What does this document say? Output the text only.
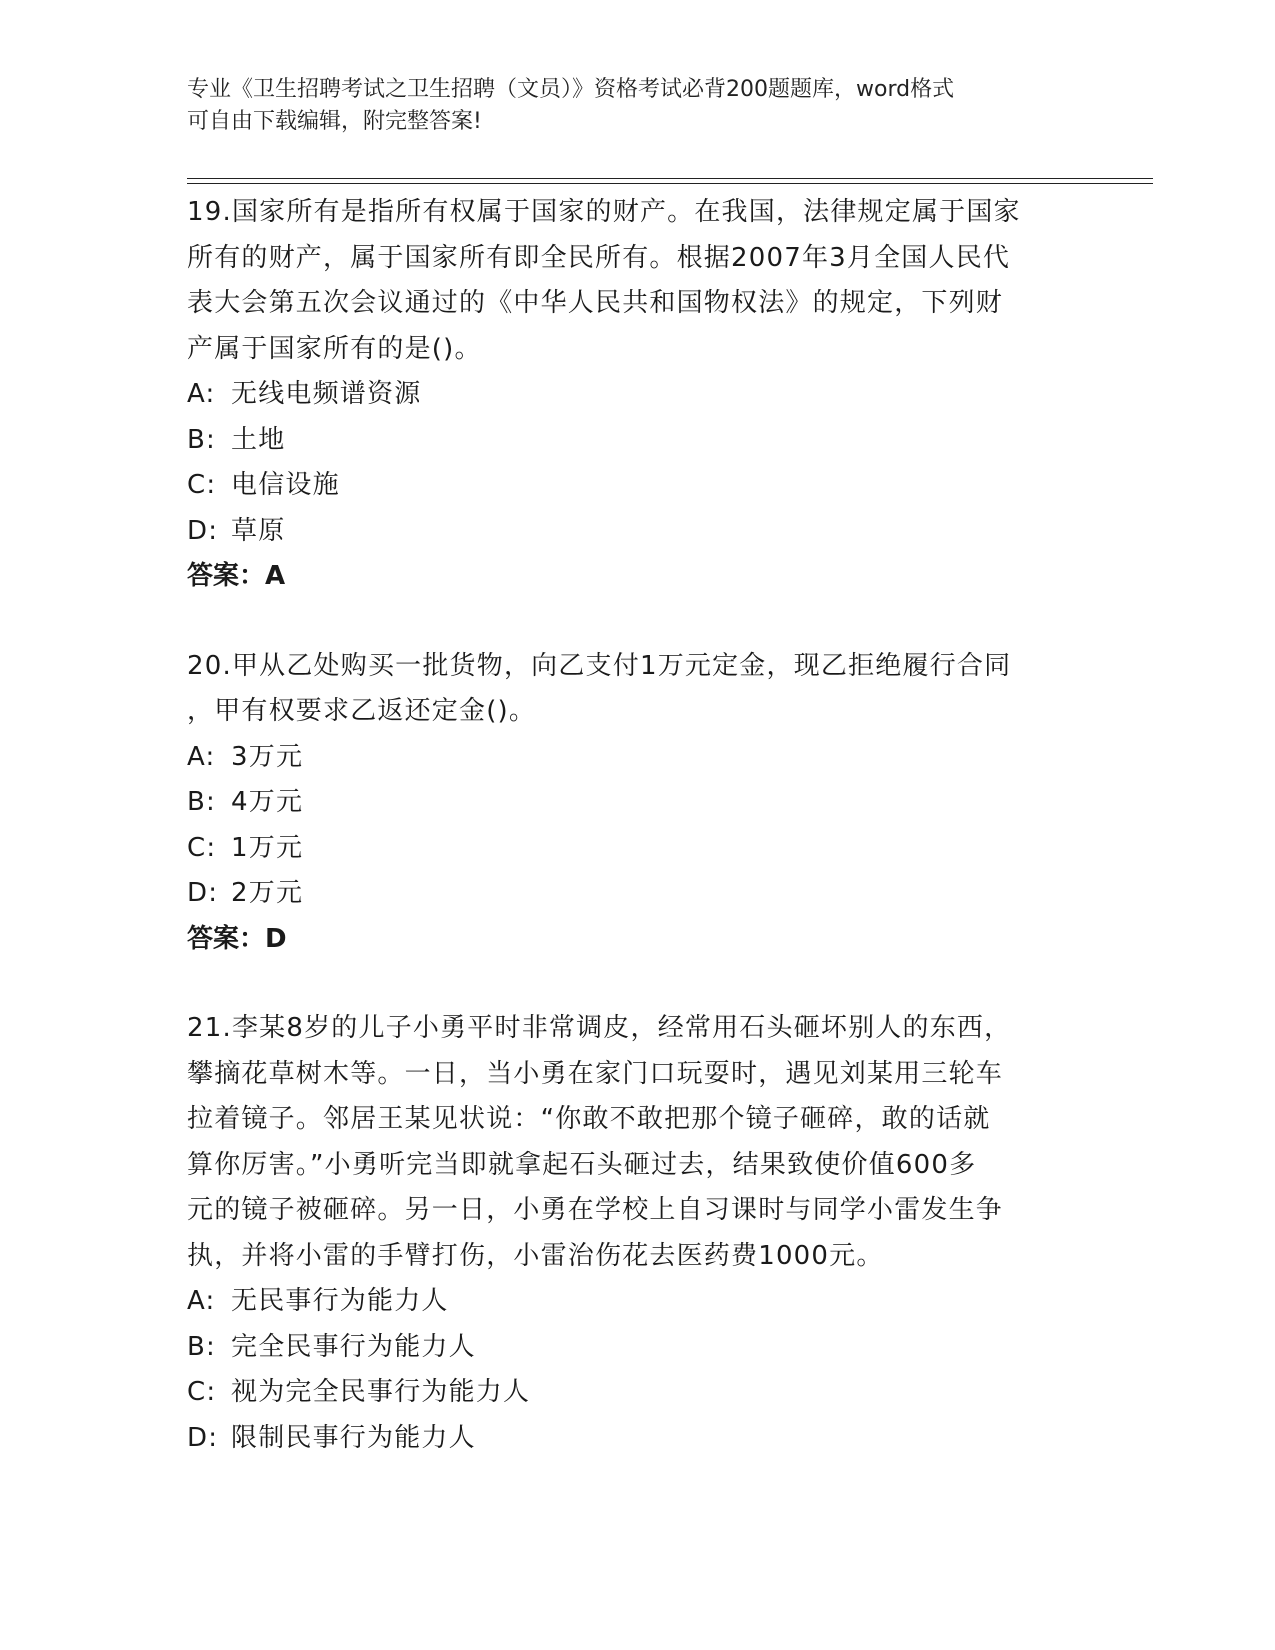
专业《卫生招聘考试之卫生招聘（文员）》资格考试必背200题题库，word格式
可自由下载编辑，附完整答案!
19.国家所有是指所有权属于国家的财产。在我国，法律规定属于国家
所有的财产，属于国家所有即全民所有。根据2007年3月全国人民代
表大会第五次会议通过的《中华人民共和国物权法》的规定，下列财
产属于国家所有的是()。
A: 无线电频谱资源
B: 土地
C: 电信设施
D: 草原
答案：A
20.甲从乙处购买一批货物，向乙支付1万元定金，现乙拒绝履行合同
，甲有权要求乙返还定金()。
A: 3万元
B: 4万元
C: 1万元
D: 2万元
答案：D
21.李某8岁的儿子小勇平时非常调皮，经常用石头砸坏别人的东西，
攀摘花草树木等。一日，当小勇在家门口玩耍时，遇见刘某用三轮车
拉着镜子。邻居王某见状说：“你敢不敢把那个镜子砸碎，敢的话就
算你厉害。”小勇听完当即就拿起石头砸过去，结果致使价值600多
元的镜子被砸碎。另一日，小勇在学校上自习课时与同学小雷发生争
执，并将小雷的手臂打伤，小雷治伤花去医药费1000元。
A: 无民事行为能力人
B: 完全民事行为能力人
C: 视为完全民事行为能力人
D: 限制民事行为能力人
